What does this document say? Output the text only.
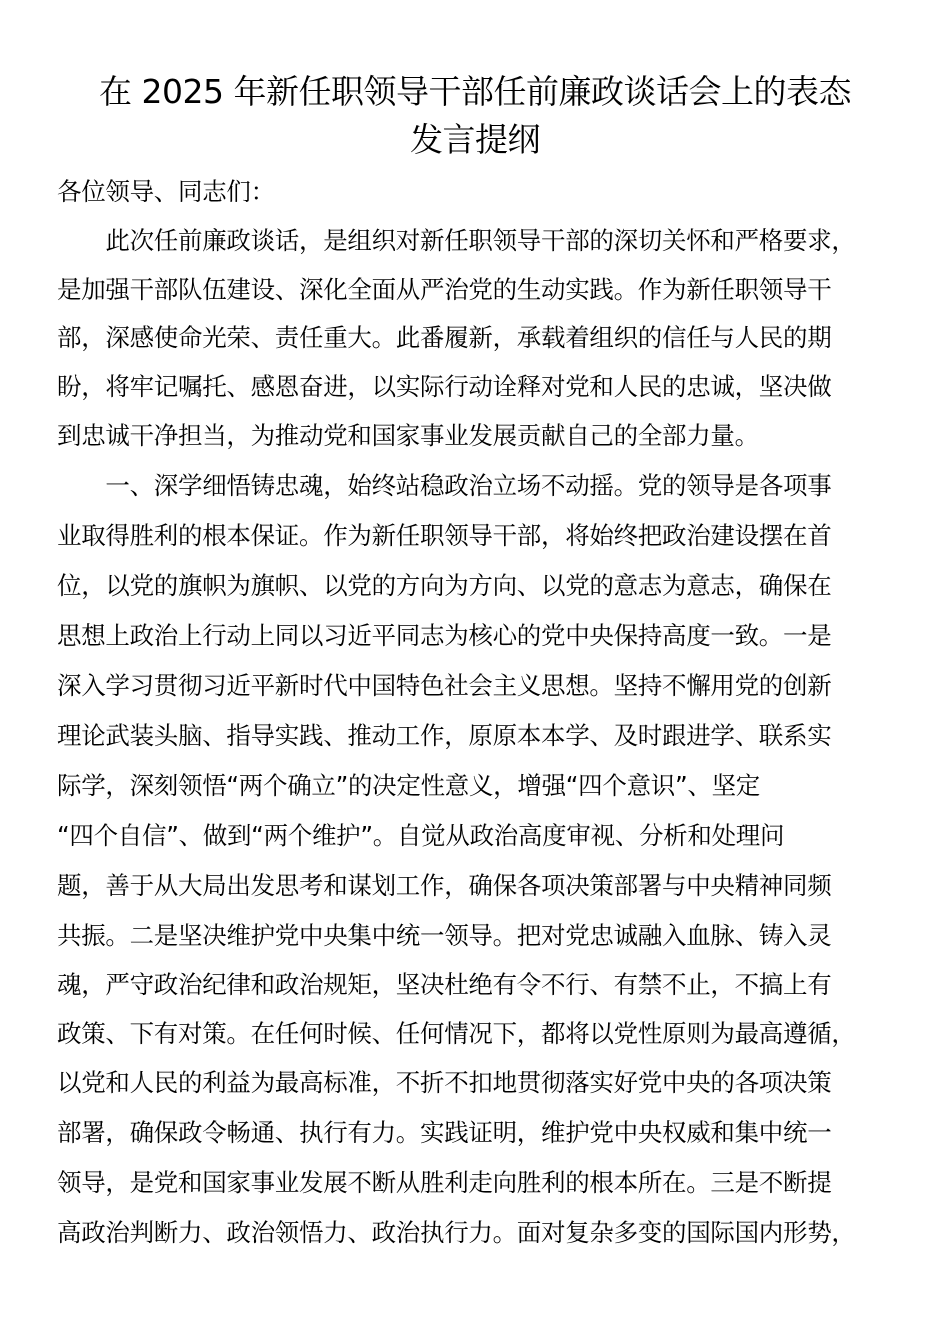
在 2025 年新任职领导干部任前廉政谈话会上的表态
发言提纲
各位领导、同志们：
　　此次任前廉政谈话，是组织对新任职领导干部的深切关怀和严格要求，
是加强干部队伍建设、深化全面从严治党的生动实践。作为新任职领导干
部，深感使命光荣、责任重大。此番履新，承载着组织的信任与人民的期
盼，将牢记嘱托、感恩奋进，以实际行动诠释对党和人民的忠诚，坚决做
到忠诚干净担当，为推动党和国家事业发展贡献自己的全部力量。
　　一、深学细悟铸忠魂，始终站稳政治立场不动摇。党的领导是各项事
业取得胜利的根本保证。作为新任职领导干部，将始终把政治建设摆在首
位，以党的旗帜为旗帜、以党的方向为方向、以党的意志为意志，确保在
思想上政治上行动上同以习近平同志为核心的党中央保持高度一致。一是
深入学习贯彻习近平新时代中国特色社会主义思想。坚持不懈用党的创新
理论武装头脑、指导实践、推动工作，原原本本学、及时跟进学、联系实
际学，深刻领悟“两个确立”的决定性意义，增强“四个意识”、坚定
“四个自信”、做到“两个维护”。自觉从政治高度审视、分析和处理问
题，善于从大局出发思考和谋划工作，确保各项决策部署与中央精神同频
共振。二是坚决维护党中央集中统一领导。把对党忠诚融入血脉、铸入灵
魂，严守政治纪律和政治规矩，坚决杜绝有令不行、有禁不止，不搞上有
政策、下有对策。在任何时候、任何情况下，都将以党性原则为最高遵循，
以党和人民的利益为最高标准，不折不扣地贯彻落实好党中央的各项决策
部署，确保政令畅通、执行有力。实践证明，维护党中央权威和集中统一
领导，是党和国家事业发展不断从胜利走向胜利的根本所在。三是不断提
高政治判断力、政治领悟力、政治执行力。面对复杂多变的国际国内形势，
